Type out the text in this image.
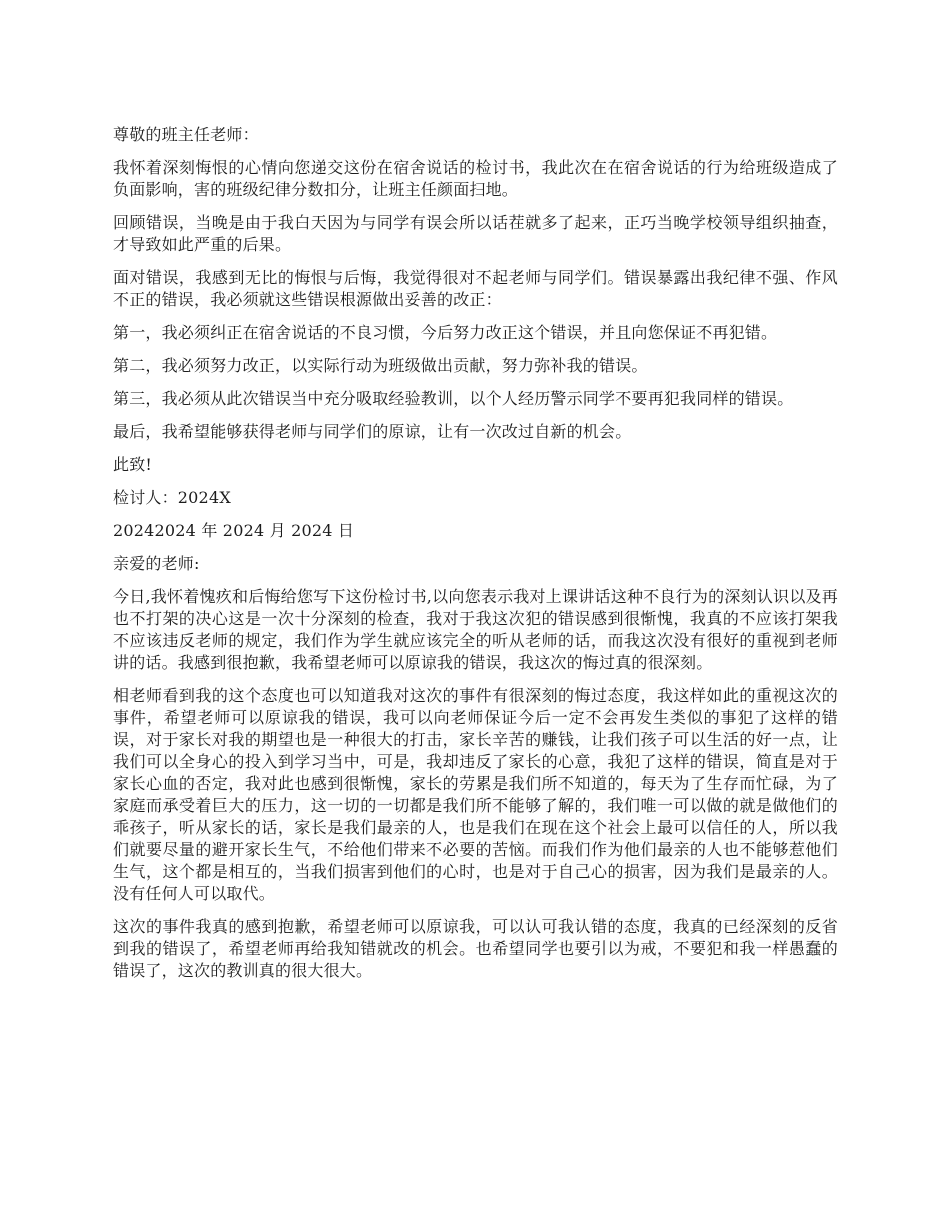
尊敬的班主任老师：

我怀着深刻悔恨的心情向您递交这份在宿舍说话的检讨书，我此次在在宿舍说话的行为给班级造成了负面影响，害的班级纪律分数扣分，让班主任颜面扫地。

回顾错误，当晚是由于我白天因为与同学有误会所以话茬就多了起来，正巧当晚学校领导组织抽查，才导致如此严重的后果。

面对错误，我感到无比的悔恨与后悔，我觉得很对不起老师与同学们。错误暴露出我纪律不强、作风不正的错误，我必须就这些错误根源做出妥善的改正：

第一，我必须纠正在宿舍说话的不良习惯，今后努力改正这个错误，并且向您保证不再犯错。

第二，我必须努力改正，以实际行动为班级做出贡献，努力弥补我的错误。

第三，我必须从此次错误当中充分吸取经验教训，以个人经历警示同学不要再犯我同样的错误。

最后，我希望能够获得老师与同学们的原谅，让有一次改过自新的机会。

此致!

检讨人：2024X

20242024 年 2024 月 2024 日

亲爱的老师:

今日,我怀着愧疚和后悔给您写下这份检讨书,以向您表示我对上课讲话这种不良行为的深刻认识以及再也不打架的决心这是一次十分深刻的检查，我对于我这次犯的错误感到很惭愧，我真的不应该打架我不应该违反老师的规定，我们作为学生就应该完全的听从老师的话，而我这次没有很好的重视到老师讲的话。我感到很抱歉，我希望老师可以原谅我的错误，我这次的悔过真的很深刻。

相老师看到我的这个态度也可以知道我对这次的事件有很深刻的悔过态度，我这样如此的重视这次的事件，希望老师可以原谅我的错误，我可以向老师保证今后一定不会再发生类似的事犯了这样的错误，对于家长对我的期望也是一种很大的打击，家长辛苦的赚钱，让我们孩子可以生活的好一点，让我们可以全身心的投入到学习当中，可是，我却违反了家长的心意，我犯了这样的错误，简直是对于家长心血的否定，我对此也感到很惭愧，家长的劳累是我们所不知道的，每天为了生存而忙碌，为了家庭而承受着巨大的压力，这一切的一切都是我们所不能够了解的，我们唯一可以做的就是做他们的乖孩子，听从家长的话，家长是我们最亲的人，也是我们在现在这个社会上最可以信任的人，所以我们就要尽量的避开家长生气，不给他们带来不必要的苦恼。而我们作为他们最亲的人也不能够惹他们生气，这个都是相互的，当我们损害到他们的心时，也是对于自己心的损害，因为我们是最亲的人。没有任何人可以取代。

这次的事件我真的感到抱歉，希望老师可以原谅我，可以认可我认错的态度，我真的已经深刻的反省到我的错误了，希望老师再给我知错就改的机会。也希望同学也要引以为戒，不要犯和我一样愚蠢的错误了，这次的教训真的很大很大。
